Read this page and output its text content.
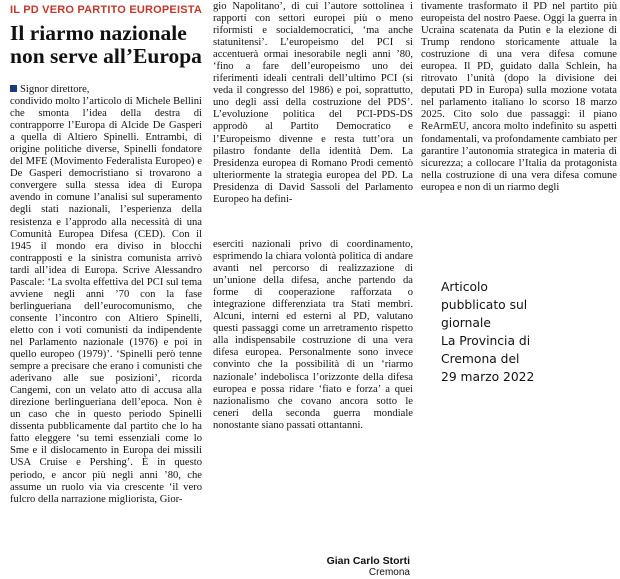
IL PD VERO PARTITO EUROPEISTA
Il riarmo nazionale non serve all’Europa
Signor direttore,
condivido molto l’articolo di Michele Bellini che smonta l’idea della destra di contrapporre l’Europa di Alcide De Gasperi a quella di Altiero Spinelli. Entrambi, di origine politiche diverse, Spinelli fondatore del MFE (Movimento Federalista Europeo) e De Gasperi democristiano si trovarono a convergere sulla stessa idea di Europa avendo in comune l’analisi sul superamento degli stati nazionali, l’esperienza della resistenza e l’approdo alla necessità di una Comunità Europea Difesa (CED). Con il 1945 il mondo era diviso in blocchi contrapposti e la sinistra comunista arrivò tardi all’idea di Europa. Scrive Alessandro Pascale: ‘La svolta effettiva del PCI sul tema avviene negli anni ’70 con la fase berlingueriana dell’eurocomunismo, che consente l’incontro con Altiero Spinelli, eletto con i voti comunisti da indipendente nel Parlamento nazionale (1976) e poi in quello europeo (1979)’. ‘Spinelli però tenne sempre a precisare che erano i comunisti che aderivano alle sue posizioni’, ricorda Cangemi, con un velato atto di accusa alla direzione berlingueriana dell’epoca. Non è un caso che in questo periodo Spinelli dissenta pubblicamente dal partito che lo ha fatto eleggere ‘su temi essenziali come lo Sme e il dislocamento in Europa dei missili USA Cruise e Pershing’. È in questo periodo, e ancor più negli anni ’80, che assume un ruolo via via crescente ‘il vero fulcro della narrazione migliorista, Gior-
gio Napolitano’, di cui l’autore sottolinea i rapporti con settori europei più o meno riformisti e socialdemocratici, ‘ma anche statunitensi’. L’europeismo del PCI si accentuerà ormai inesorabile negli anni ’80, ‘fino a fare dell’europeismo uno dei riferimenti ideali centrali dell’ultimo PCI (si veda il congresso del 1986) e poi, soprattutto, uno degli assi della costruzione del PDS’. L’evoluzione politica del PCI-PDS-DS approdò al Partito Democratico e l’Europeismo divenne e resta tutt’ora un pilastro fondante della identità Dem. La Presidenza europea di Romano Prodi cementò ulteriormente la strategia europea del PD. La Presidenza di David Sassoli del Parlamento Europeo ha defini-
tivamente trasformato il PD nel partito più europeista del nostro Paese. Oggi la guerra in Ucraina scatenata da Putin e la elezione di Trump rendono storicamente attuale la costruzione di una vera difesa comune europea. Il PD, guidato dalla Schlein, ha ritrovato l’unità (dopo la divisione dei deputati PD in Europa) sulla mozione votata nel parlamento italiano lo scorso 18 marzo 2025. Cito solo due passaggi: il piano ReArmEU, ancora molto indefinito su aspetti fondamentali, va profondamente cambiato per garantire l’autonomia strategica in materia di sicurezza; a collocare l’Italia da protagonista nella costruzione di una vera difesa comune europea e non di un riarmo degli
eserciti nazionali privo di coordinamento, esprimendo la chiara volontà politica di andare avanti nel percorso di realizzazione di un’unione della difesa, anche partendo da forme di cooperazione rafforzata o integrazione differenziata tra Stati membri. Alcuni, interni ed esterni al PD, valutano questi passaggi come un arretramento rispetto alla indispensabile costruzione di una vera difesa europea. Personalmente sono invece convinto che la possibilità di un ‘riarmo nazionale’ indebolisca l’orizzonte della difesa europea e possa ridare ‘fiato e forza’ a quei nazionalismo che covano ancora sotto le ceneri della seconda guerra mondiale nonostante siano passati ottantanni.
Gian Carlo Storti
Cremona
Articolo
pubblicato sul
giornale
La Provincia di
Cremona del
29 marzo 2022
